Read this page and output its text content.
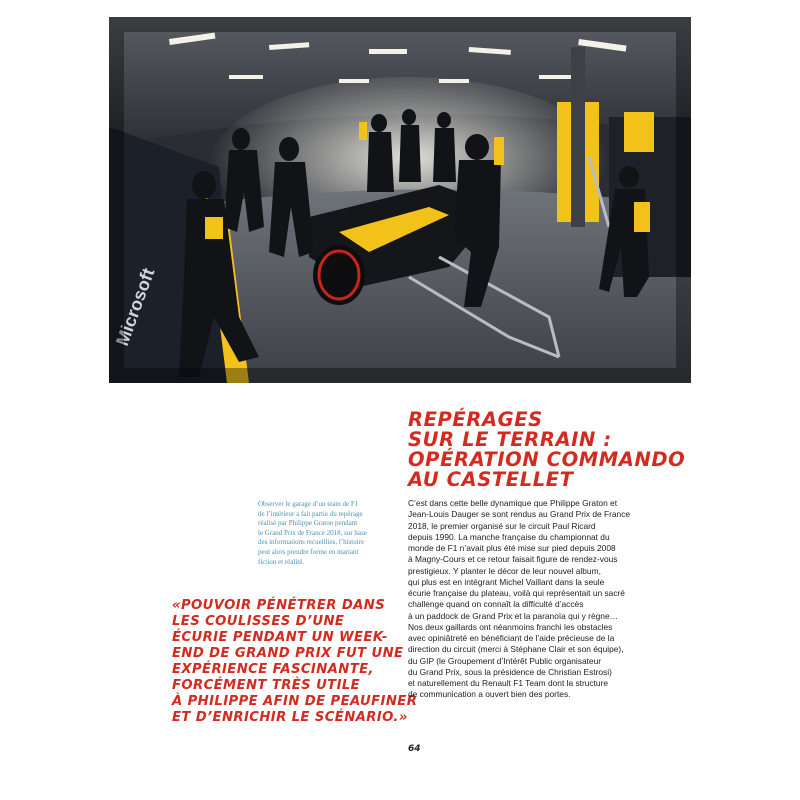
Microsoft
REPÉRAGES
SUR LE TERRAIN :
OPÉRATION COMMANDO
AU CASTELLET

Observer le garage d’un team de F1
de l’intérieur a fait partie du repérage
réalisé par Philippe Graton pendant
le Grand Prix de France 2018, sur base
des informations recueillies, l’histoire
peut alors prendre forme en mariant
fiction et réalité.

«POUVOIR PÉNÉTRER DANS
LES COULISSES D’UNE
ÉCURIE PENDANT UN WEEK-
END DE GRAND PRIX FUT UNE
EXPÉRIENCE FASCINANTE,
FORCÉMENT TRÈS UTILE
À PHILIPPE AFIN DE PEAUFINER
ET D’ENRICHIR LE SCÉNARIO.»
C’est dans cette belle dynamique que Philippe Graton et
Jean-Louis Dauger se sont rendus au Grand Prix de France
2018, le premier organisé sur le circuit Paul Ricard
depuis 1990. La manche française du championnat du
monde de F1 n’avait plus été mise sur pied depuis 2008
à Magny-Cours et ce retour faisait figure de rendez-vous
prestigieux. Y planter le décor de leur nouvel album,
qui plus est en intégrant Michel Vaillant dans la seule
écurie française du plateau, voilà qui représentait un sacré
challenge quand on connaît la difficulté d’accès
à un paddock de Grand Prix et la paranoïa qui y règne…
Nos deux gaillards ont néanmoins franchi les obstacles
avec opiniâtreté en bénéficiant de l’aide précieuse de la
direction du circuit (merci à Stéphane Clair et son équipe),
du GIP (le Groupement d’Intérêt Public organisateur
du Grand Prix, sous la présidence de Christian Estrosi)
et naturellement du Renault F1 Team dont la structure
de communication a ouvert bien des portes.
64
